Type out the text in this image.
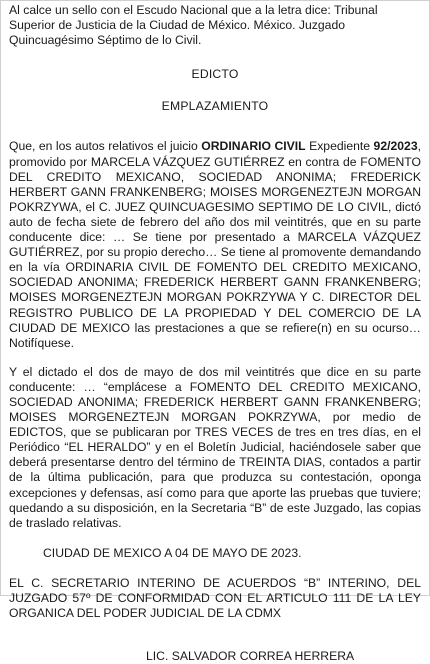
Al calce un sello con el Escudo Nacional que a la letra dice: Tribunal Superior de Justicia de la Ciudad de México. México. Juzgado Quincuagésimo Séptimo de lo Civil.

EDICTO

EMPLAZAMIENTO

Que, en los autos relativos el juicio ORDINARIO CIVIL Expediente 92/2023, promovido por MARCELA VÁZQUEZ GUTIÉRREZ en contra de FOMENTO DEL CREDITO MEXICANO, SOCIEDAD ANONIMA; FREDERICK HERBERT GANN FRANKENBERG; MOISES MORGENEZTEJN MORGAN POKRZYWA, el C. JUEZ QUINCUAGESIMO SEPTIMO DE LO CIVIL, dictó auto de fecha siete de febrero del año dos mil veintitrés, que en su parte conducente dice: … Se tiene por presentado a MARCELA VÁZQUEZ GUTIÉRREZ, por su propio derecho… Se tiene al promovente demandando en la vía ORDINARIA CIVIL DE FOMENTO DEL CREDITO MEXICANO, SOCIEDAD ANONIMA; FREDERICK HERBERT GANN FRANKENBERG; MOISES MORGENEZTEJN MORGAN POKRZYWA Y C. DIRECTOR DEL REGISTRO PUBLICO DE LA PROPIEDAD Y DEL COMERCIO DE LA CIUDAD DE MEXICO las prestaciones a que se refiere(n) en su ocurso…Notifíquese.

Y el dictado el dos de mayo de dos mil veintitrés que dice en su parte conducente: … “emplácese a FOMENTO DEL CREDITO MEXICANO, SOCIEDAD ANONIMA; FREDERICK HERBERT GANN FRANKENBERG; MOISES MORGENEZTEJN MORGAN POKRZYWA, por medio de EDICTOS, que se publicaran por TRES VECES de tres en tres días, en el Periódico “EL HERALDO” y en el Boletín Judicial, haciéndosele saber que deberá presentarse dentro del término de TREINTA DIAS, contados a partir de la última publicación, para que produzca su contestación, oponga excepciones y defensas, así como para que aporte las pruebas que tuviere; quedando a su disposición, en la Secretaria “B” de este Juzgado, las copias de traslado relativas.

CIUDAD DE MEXICO A 04 DE MAYO DE 2023.

EL C. SECRETARIO INTERINO DE ACUERDOS “B” INTERINO, DEL JUZGADO 57º DE CONFORMIDAD CON EL ARTICULO 111 DE LA LEY ORGANICA DEL PODER JUDICIAL DE LA CDMX

LIC. SALVADOR CORREA HERRERA
